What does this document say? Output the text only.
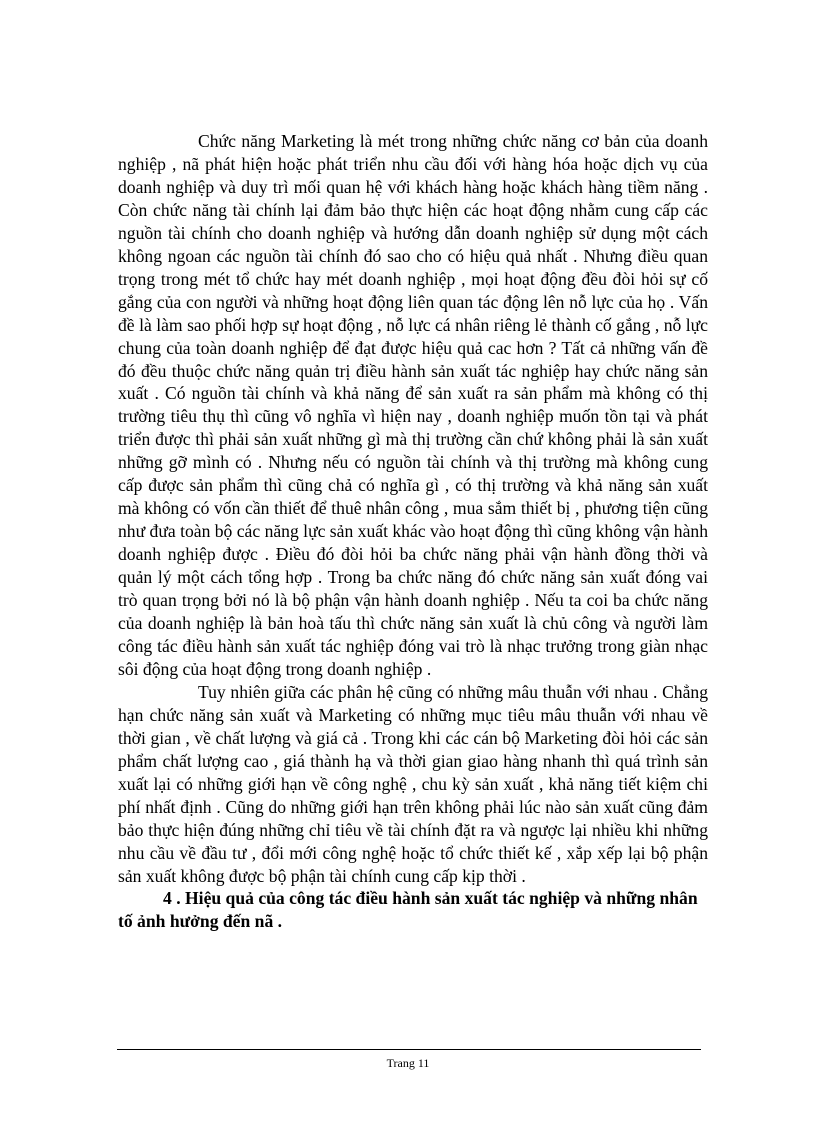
Chức năng Marketing là mét trong những chức năng cơ bản của doanh nghiệp , nã phát hiện hoặc phát triển nhu cầu đối với hàng hóa hoặc dịch vụ của doanh nghiệp và duy trì mối quan hệ với khách hàng hoặc khách hàng tiềm năng . Còn chức năng tài chính lại đảm bảo thực hiện các hoạt động nhằm cung cấp các nguồn tài chính cho doanh nghiệp và hướng dẫn doanh nghiệp sử dụng một cách không ngoan các nguồn tài chính đó sao cho có hiệu quả nhất . Nhưng điều quan trọng trong mét tổ chức hay mét doanh nghiệp , mọi hoạt động đều đòi hỏi sự cố gắng của con người và những hoạt động liên quan tác động lên nỗ lực của họ . Vấn đề là làm sao phối hợp sự hoạt động , nỗ lực cá nhân riêng lẻ thành cố gắng , nỗ lực chung của toàn doanh nghiệp để đạt được hiệu quả cac hơn ? Tất cả những vấn đề đó đều thuộc chức năng quản trị điều hành sản xuất tác nghiệp hay chức năng sản xuất . Có nguồn tài chính và khả năng để sản xuất ra sản phẩm mà không có thị trường tiêu thụ thì cũng vô nghĩa vì hiện nay , doanh nghiệp muốn tồn tại và phát triển được thì phải sản xuất những gì mà thị trường cần chứ không phải là sản xuất những gỡ mình có . Nhưng nếu có nguồn tài chính và thị trường mà không cung cấp được sản phẩm thì cũng chả có nghĩa gì , có thị trường và khả năng sản xuất mà không có vốn cần thiết để thuê nhân công , mua sắm thiết bị , phương tiện cũng như đưa toàn bộ các năng lực sản xuất khác vào hoạt động thì cũng không vận hành doanh nghiệp được . Điều đó đòi hỏi ba chức năng phải vận hành đồng thời và quản lý một cách tổng hợp . Trong ba chức năng đó chức năng sản xuất đóng vai trò quan trọng bởi nó là bộ phận vận hành doanh nghiệp . Nếu ta coi ba chức năng của doanh nghiệp là bản hoà tấu thì chức năng sản xuất là chủ công và người làm công tác điều hành sản xuất tác nghiệp đóng vai trò là nhạc trưởng trong giàn nhạc sôi động của hoạt động trong doanh nghiệp .

Tuy nhiên giữa các phân hệ cũng có những mâu thuẫn với nhau . Chẳng hạn chức năng sản xuất và Marketing có những mục tiêu mâu thuẫn với nhau về thời gian , về chất lượng và giá cả . Trong khi các cán bộ Marketing đòi hỏi các sản phẩm chất lượng cao , giá thành hạ và thời gian giao hàng nhanh thì quá trình sản xuất lại có những giới hạn về công nghệ , chu kỳ sản xuất , khả năng tiết kiệm chi phí nhất định . Cũng do những giới hạn trên không phải lúc nào sản xuất cũng đảm bảo thực hiện đúng những chỉ tiêu về tài chính đặt ra và ngược lại nhiều khi những nhu cầu về đầu tư , đổi mới công nghệ hoặc tổ chức thiết kế , xắp xếp lại bộ phận sản xuất không được bộ phận tài chính cung cấp kịp thời .

4 . Hiệu quả của công tác điều hành sản xuất tác nghiệp và những nhân tố ảnh hưởng đến nã .

Trang 11
